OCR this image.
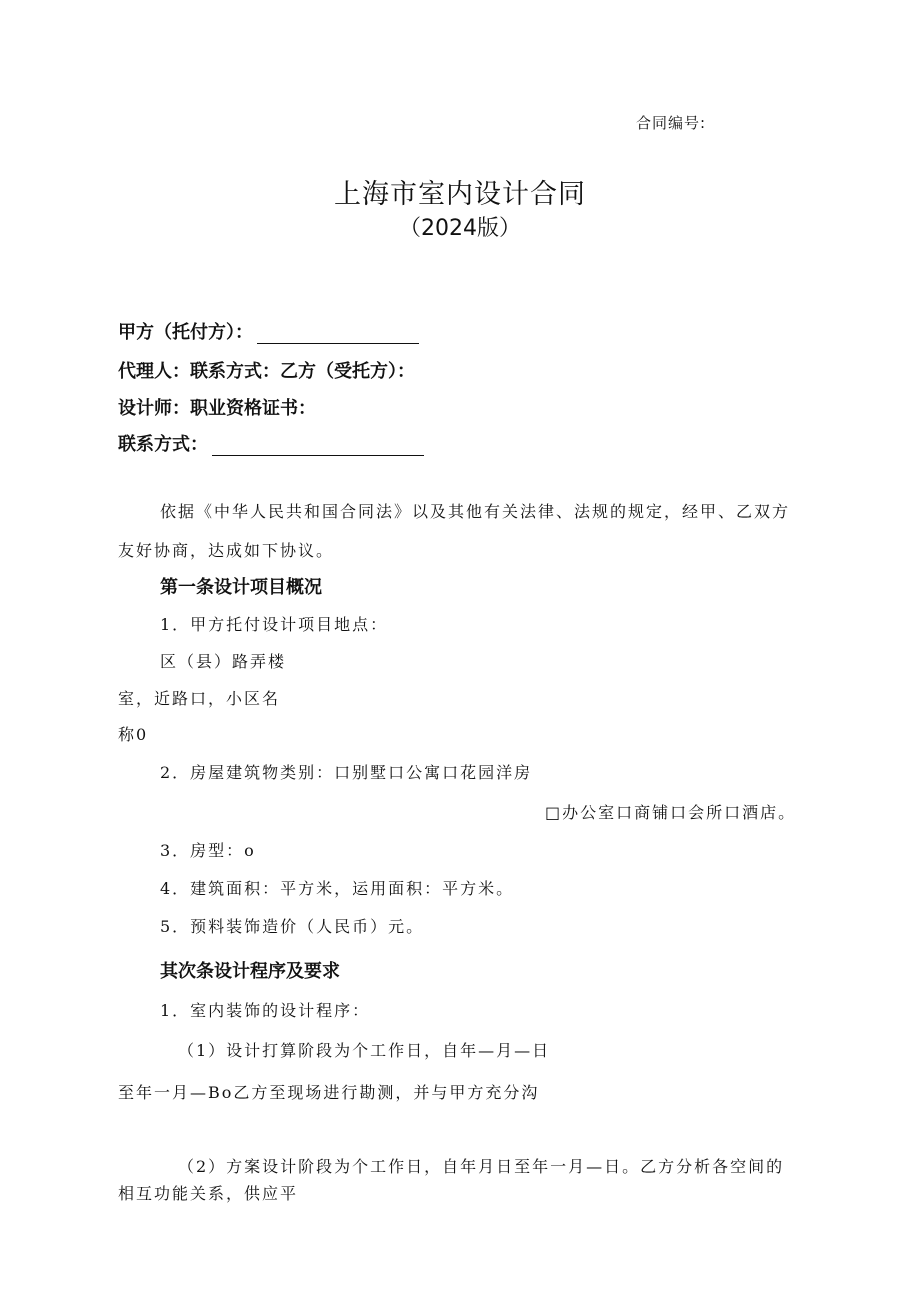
合同编号:
上海市室内设计合同
（2024版）
甲方（托付方）：
代理人：联系方式：乙方（受托方）：
设计师：职业资格证书：
联系方式：
依据《中华人民共和国合同法》以及其他有关法律、法规的规定，经甲、乙双方
友好协商，达成如下协议。
第一条设计项目概况
1．甲方托付设计项目地点：
区（县）路弄楼
室，近路口，小区名
称0
2．房屋建筑物类别：口别墅口公寓口花园洋房
□办公室口商铺口会所口酒店。
3．房型：o
4．建筑面积：平方米，运用面积：平方米。
5．预料装饰造价（人民币）元。
其次条设计程序及要求
1．室内装饰的设计程序：
（1）设计打算阶段为个工作日，自年—月—日
至年一月—Bo乙方至现场进行勘测，并与甲方充分沟
（2）方案设计阶段为个工作日，自年月日至年一月—日。乙方分析各空间的
相互功能关系，供应平
